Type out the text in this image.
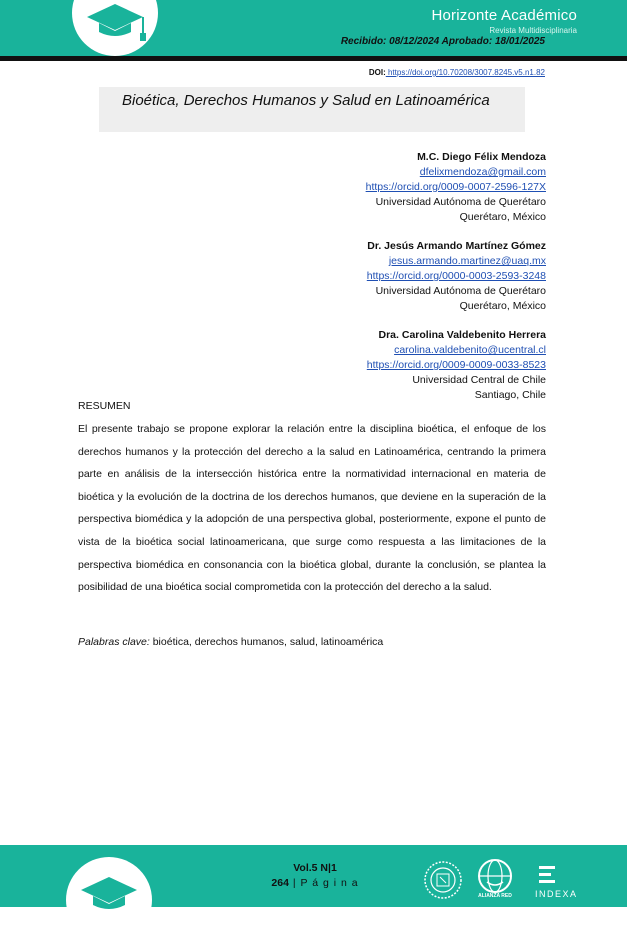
Horizonte Académico
Revista Multidisciplinaria
Recibido: 08/12/2024 Aprobado: 18/01/2025
DOI: https://doi.org/10.70208/3007.8245.v5.n1.82
Bioética, Derechos Humanos y Salud en Latinoamérica
M.C. Diego Félix Mendoza
dfelixmendoza@gmail.com
https://orcid.org/0009-0007-2596-127X
Universidad Autónoma de Querétaro
Querétaro, México
Dr. Jesús Armando Martínez Gómez
jesus.armando.martinez@uaq.mx
https://orcid.org/0000-0003-2593-3248
Universidad Autónoma de Querétaro
Querétaro, México
Dra. Carolina Valdebenito Herrera
carolina.valdebenito@ucentral.cl
https://orcid.org/0009-0009-0033-8523
Universidad Central de Chile
Santiago, Chile
RESUMEN

El presente trabajo se propone explorar la relación entre la disciplina bioética, el enfoque de los derechos humanos y la protección del derecho a la salud en Latinoamérica, centrando la primera parte en análisis de la intersección histórica entre la normatividad internacional en materia de bioética y la evolución de la doctrina de los derechos humanos, que deviene en la superación de la perspectiva biomédica y la adopción de una perspectiva global, posteriormente, expone el punto de vista de la bioética social latinoamericana, que surge como respuesta a las limitaciones de la perspectiva biomédica en consonancia con la bioética global, durante la conclusión, se plantea la posibilidad de una bioética social comprometida con la protección del derecho a la salud.

Palabras clave: bioética, derechos humanos, salud, latinoamérica
Vol.5 N|1
264 | P á g i n a
ALIANZA RED	INDEXA
